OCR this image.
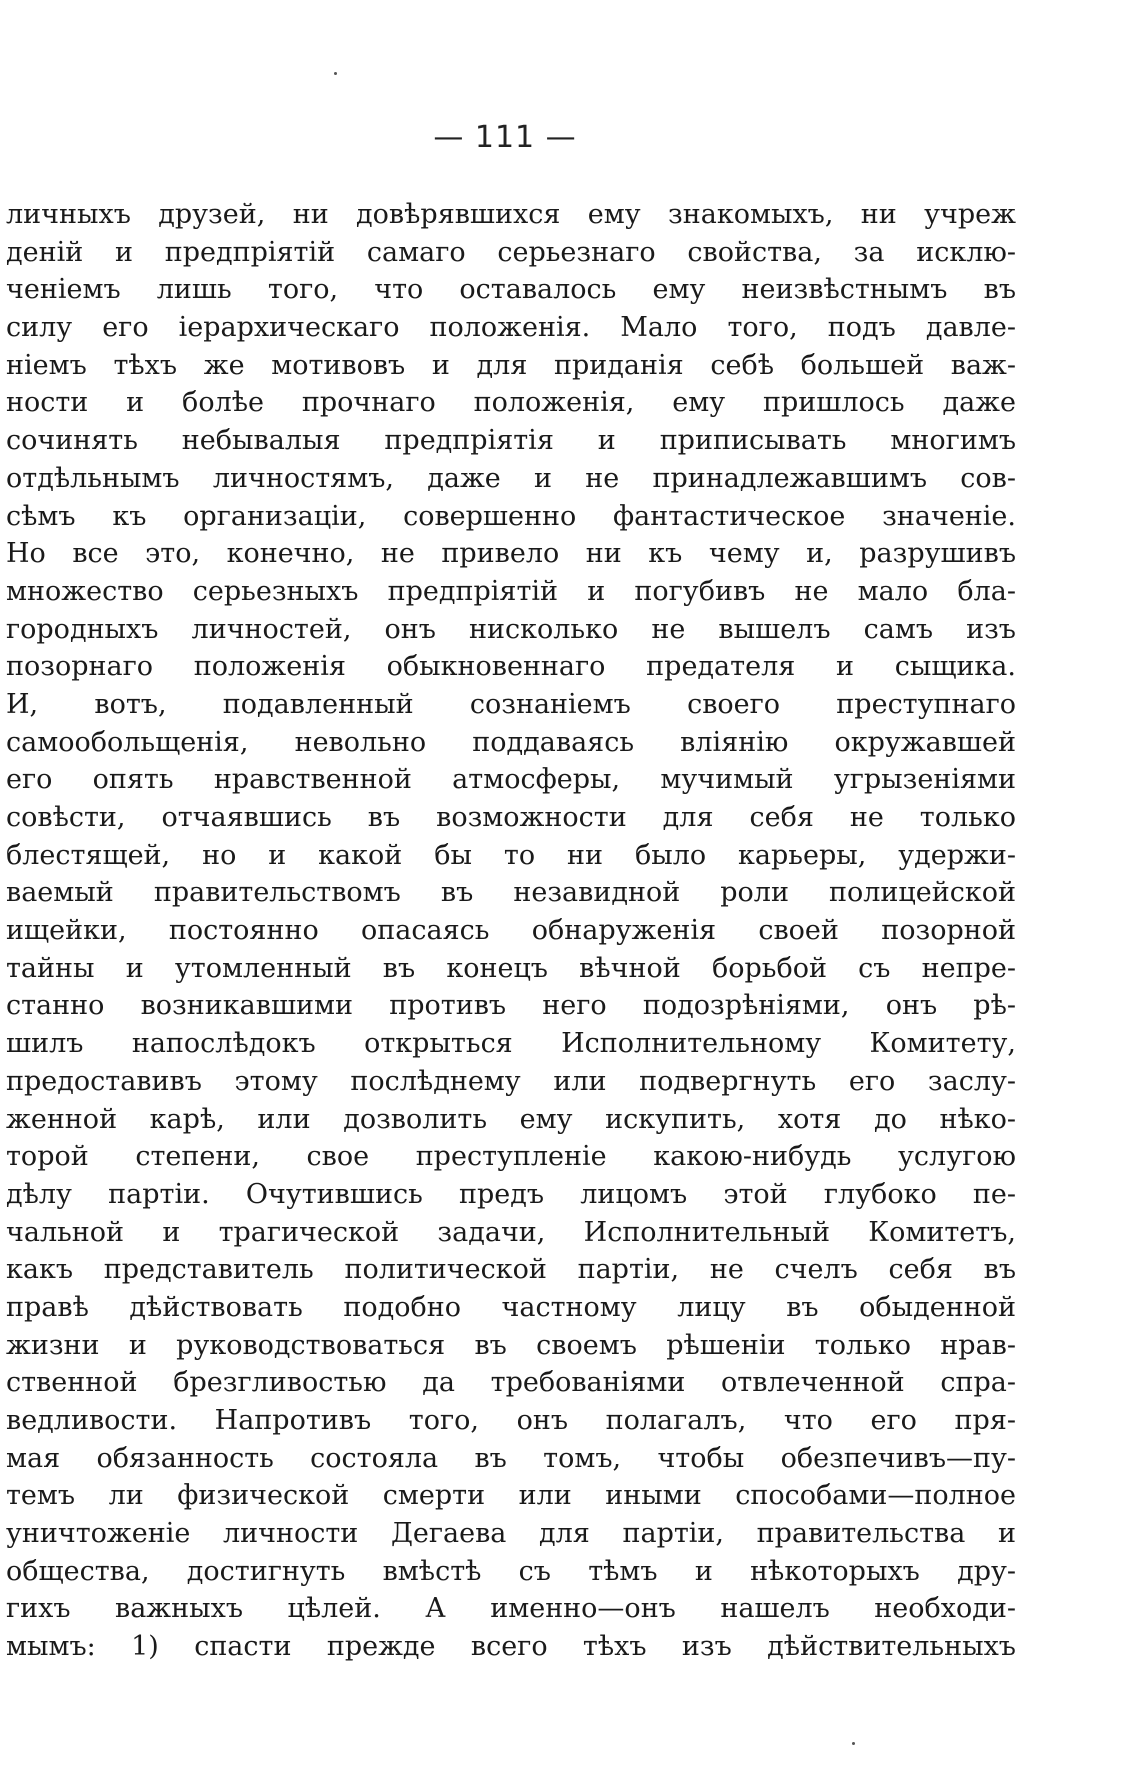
— 111 —
личныхъ друзей, ни довѣрявшихся ему знакомыхъ, ни учреж
деній и предпріятій самаго серьезнаго свойства, за исклю-
ченіемъ лишь того, что оставалось ему неизвѣстнымъ въ
силу его іерархическаго положенія. Мало того, подъ давле-
ніемъ тѣхъ же мотивовъ и для приданія себѣ большей важ-
ности и болѣе прочнаго положенія, ему пришлось даже
сочинять небывалыя предпріятія и приписывать многимъ
отдѣльнымъ личностямъ, даже и не принадлежавшимъ сов-
сѣмъ къ организаціи, совершенно фантастическое значеніе.
Но все это, конечно, не привело ни къ чему и, разрушивъ
множество серьезныхъ предпріятій и погубивъ не мало бла-
городныхъ личностей, онъ нисколько не вышелъ самъ изъ
позорнаго положенія обыкновеннаго предателя и сыщика.
И, вотъ, подавленный сознаніемъ своего преступнаго
самообольщенія, невольно поддаваясь вліянію окружавшей
его опять нравственной атмосферы, мучимый угрызеніями
совѣсти, отчаявшись въ возможности для себя не только
блестящей, но и какой бы то ни было карьеры, удержи-
ваемый правительствомъ въ незавидной роли полицейской
ищейки, постоянно опасаясь обнаруженія своей позорной
тайны и утомленный въ конецъ вѣчной борьбой съ непре-
станно возникавшими противъ него подозрѣніями, онъ рѣ-
шилъ напослѣдокъ открыться Исполнительному Комитету,
предоставивъ этому послѣднему или подвергнуть его заслу-
женной карѣ, или дозволить ему искупить, хотя до нѣко-
торой степени, свое преступленіе какою-нибудь услугою
дѣлу партіи. Очутившись предъ лицомъ этой глубоко пе-
чальной и трагической задачи, Исполнительный Комитетъ,
какъ представитель политической партіи, не счелъ себя въ
правѣ дѣйствовать подобно частному лицу въ обыденной
жизни и руководствоваться въ своемъ рѣшеніи только нрав-
ственной брезгливостью да требованіями отвлеченной спра-
ведливости. Напротивъ того, онъ полагалъ, что его пря-
мая обязанность состояла въ томъ, чтобы обезпечивъ—пу-
темъ ли физической смерти или иными способами—полное
уничтоженіе личности Дегаева для партіи, правительства и
общества, достигнуть вмѣстѣ съ тѣмъ и нѣкоторыхъ дру-
гихъ важныхъ цѣлей. А именно—онъ нашелъ необходи-
мымъ: 1) спасти прежде всего тѣхъ изъ дѣйствительныхъ
